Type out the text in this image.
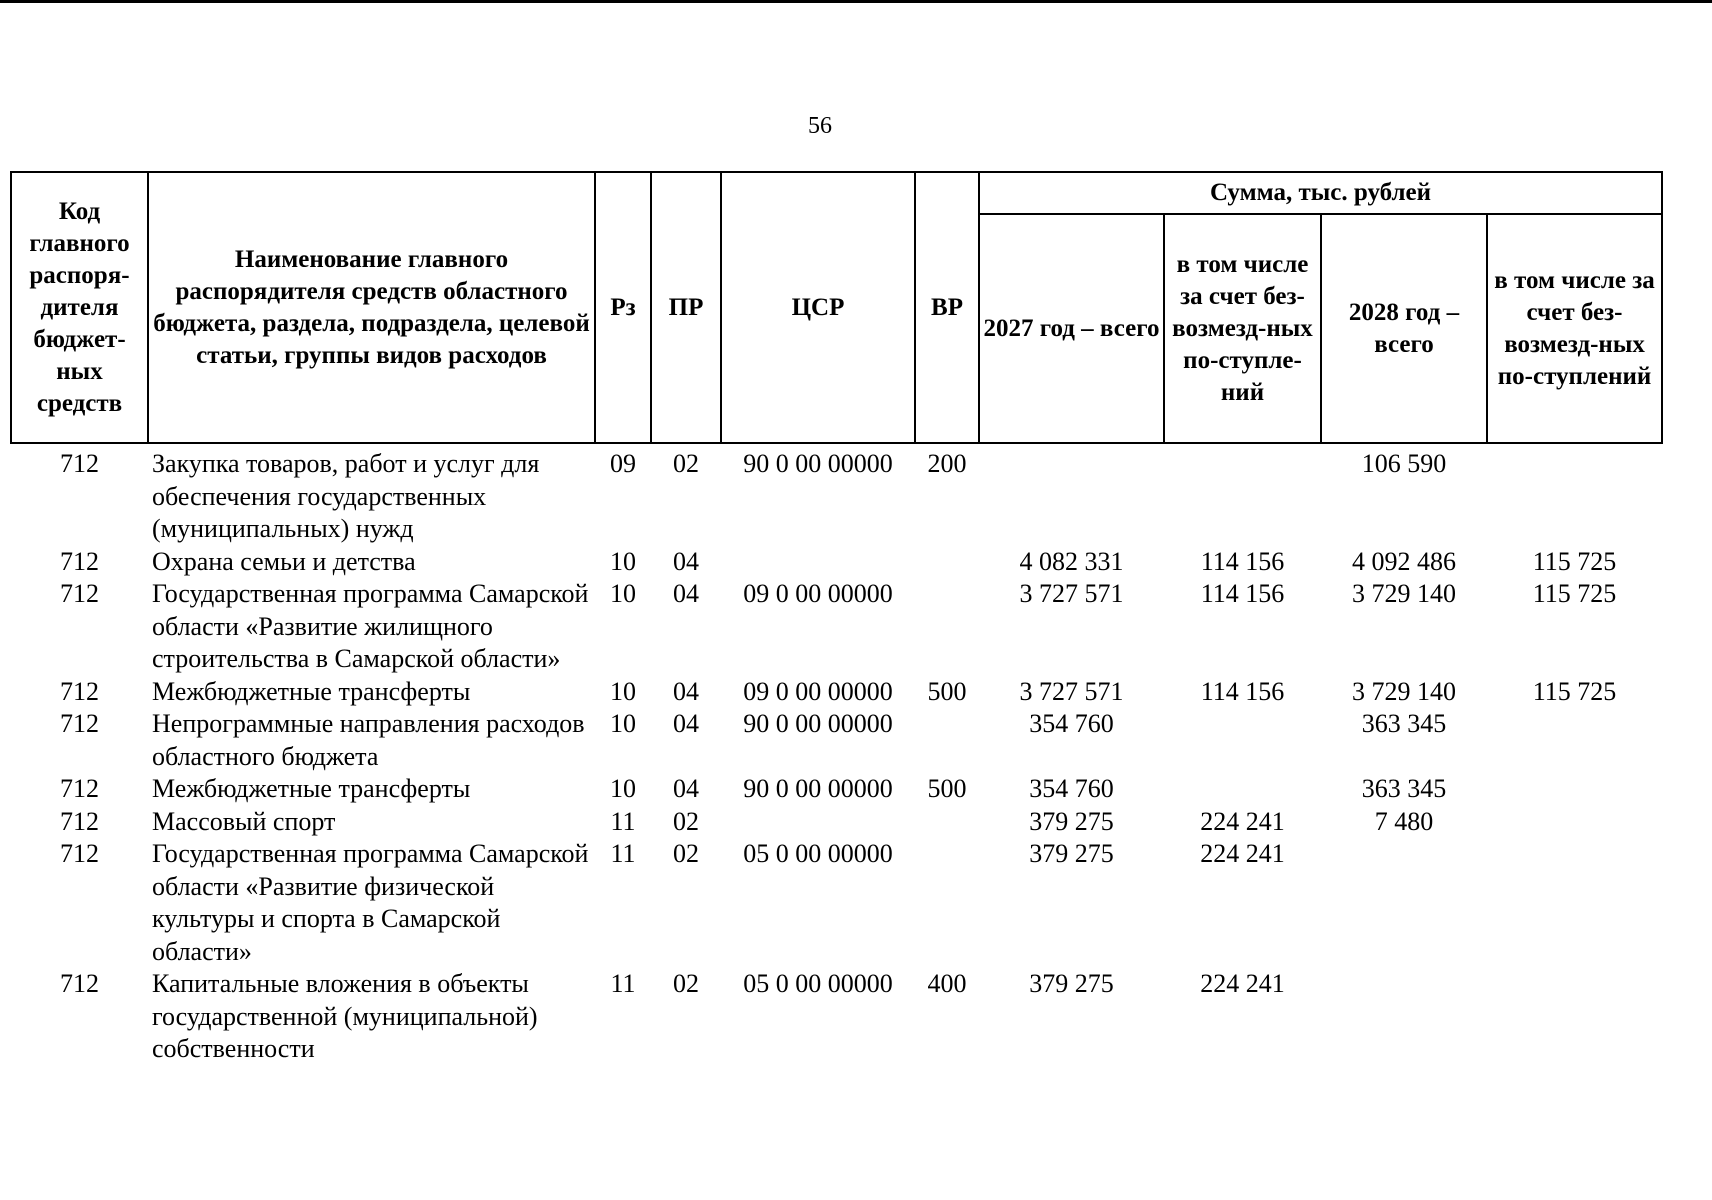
56
Код главного распоря-дителя бюджет-ных средств	Наименование главного распорядителя средств областного бюджета, раздела, подраздела, целевой статьи, группы видов расходов	Рз	ПР	ЦСР	ВР	Сумма, тыс. рублей			
						2027 год – всего	в том числе за счет без-возмезд-ных по-ступле-ний	2028 год – всего	в том числе за счет без-возмезд-ных по-ступлений
712	Закупка товаров, работ и услуг для обеспечения государственных (муниципальных) нужд	09	02	90 0 00 00000	200			106 590	
712	Охрана семьи и детства	10	04			4 082 331	114 156	4 092 486	115 725
712	Государственная программа Самарской области «Развитие жилищного строительства в Самарской области»	10	04	09 0 00 00000		3 727 571	114 156	3 729 140	115 725
712	Межбюджетные трансферты	10	04	09 0 00 00000	500	3 727 571	114 156	3 729 140	115 725
712	Непрограммные направления расходов областного бюджета	10	04	90 0 00 00000		354 760		363 345	
712	Межбюджетные трансферты	10	04	90 0 00 00000	500	354 760		363 345	
712	Массовый спорт	11	02			379 275	224 241	7 480	
712	Государственная программа Самарской области «Развитие физической культуры и спорта в Самарской области»	11	02	05 0 00 00000		379 275	224 241		
712	Капитальные вложения в объекты государственной (муниципальной) собственности	11	02	05 0 00 00000	400	379 275	224 241		
